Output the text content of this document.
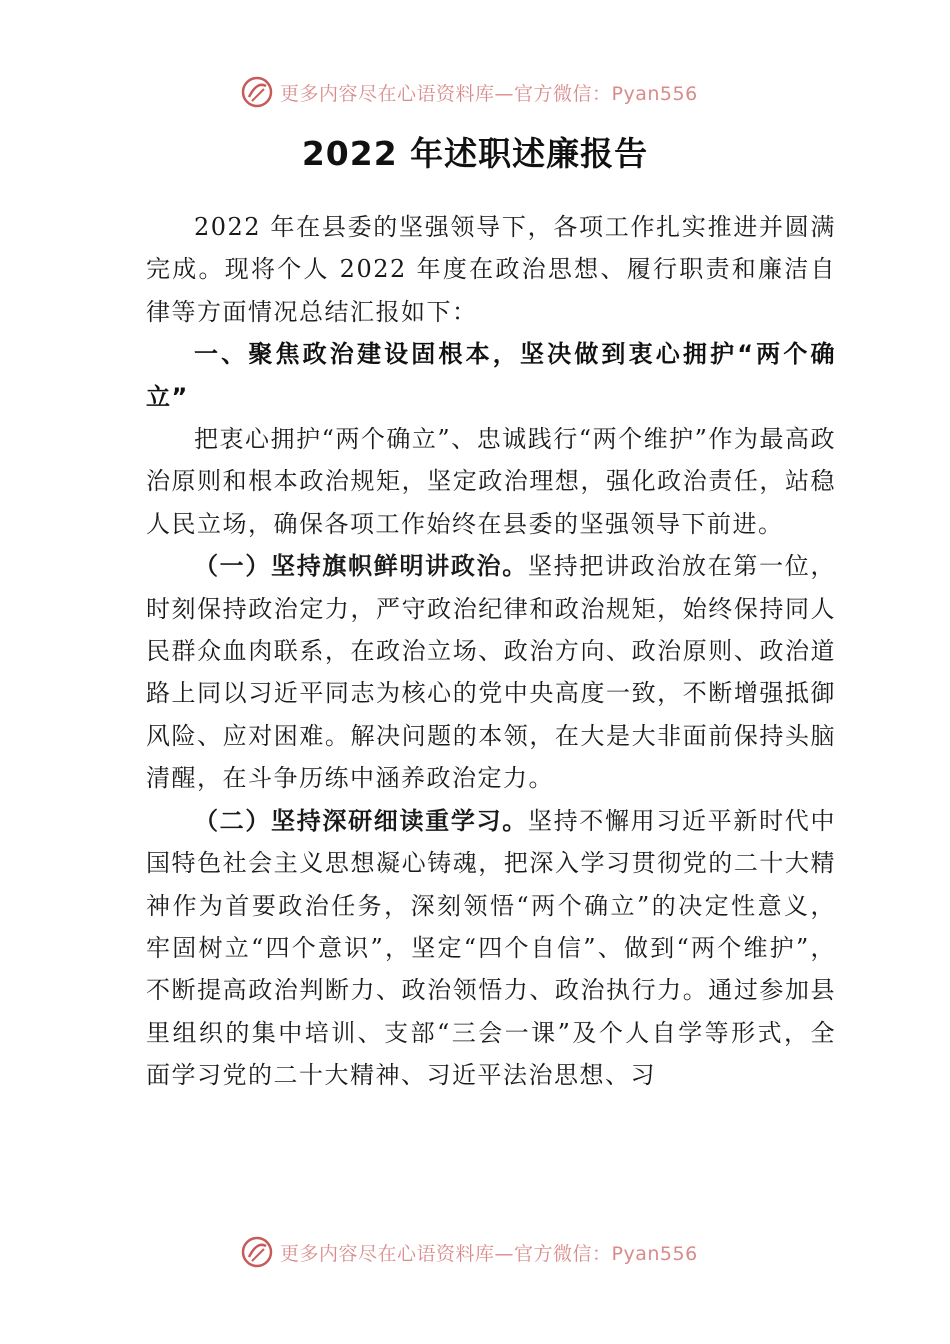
更多内容尽在心语资料库—官方微信：Pyan556
2022 年述职述廉报告

2022 年在县委的坚强领导下，各项工作扎实推进并圆满完成。现将个人 2022 年度在政治思想、履行职责和廉洁自律等方面情况总结汇报如下：

一、聚焦政治建设固根本，坚决做到衷心拥护“两个确立”

把衷心拥护“两个确立”、忠诚践行“两个维护”作为最高政治原则和根本政治规矩，坚定政治理想，强化政治责任，站稳人民立场，确保各项工作始终在县委的坚强领导下前进。

（一）坚持旗帜鲜明讲政治。坚持把讲政治放在第一位，时刻保持政治定力，严守政治纪律和政治规矩，始终保持同人民群众血肉联系，在政治立场、政治方向、政治原则、政治道路上同以习近平同志为核心的党中央高度一致，不断增强抵御风险、应对困难。解决问题的本领，在大是大非面前保持头脑清醒，在斗争历练中涵养政治定力。

（二）坚持深研细读重学习。坚持不懈用习近平新时代中国特色社会主义思想凝心铸魂，把深入学习贯彻党的二十大精神作为首要政治任务，深刻领悟“两个确立”的决定性意义，牢固树立“四个意识”，坚定“四个自信”、做到“两个维护”，不断提高政治判断力、政治领悟力、政治执行力。通过参加县里组织的集中培训、支部“三会一课”及个人自学等形式，全面学习党的二十大精神、习近平法治思想、习

更多内容尽在心语资料库—官方微信：Pyan556
